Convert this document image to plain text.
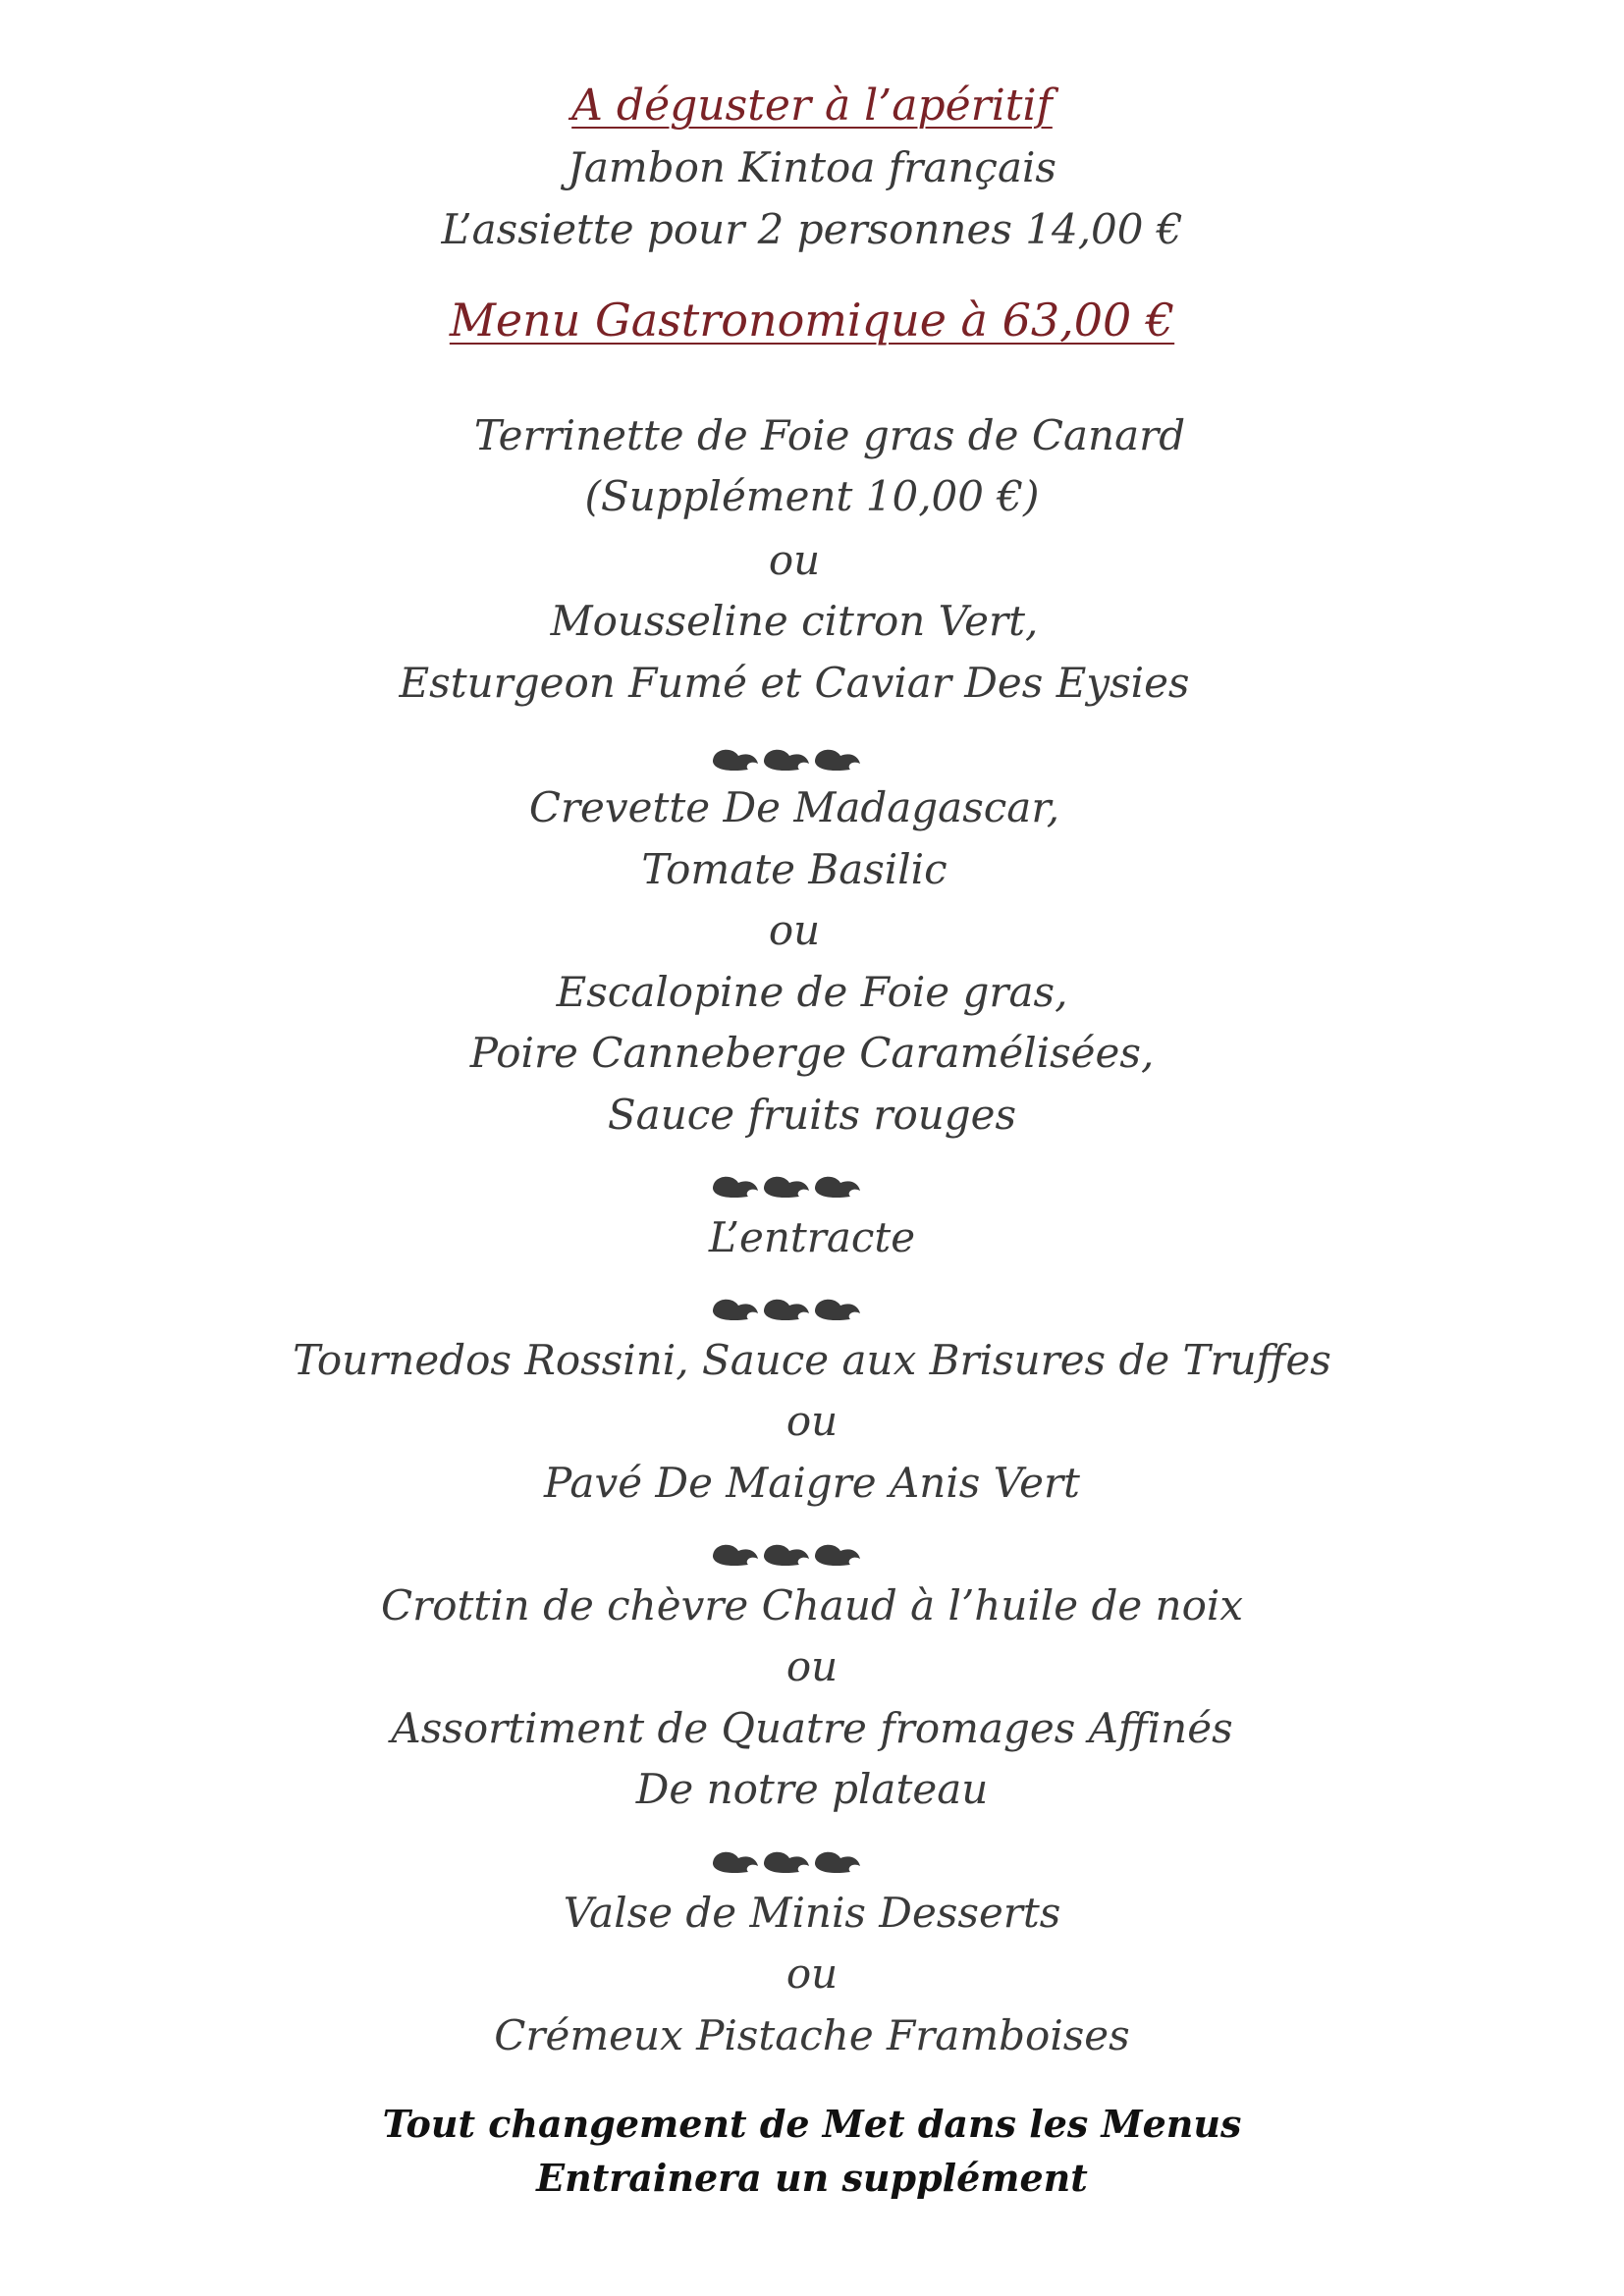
A déguster à l’apéritif
Jambon Kintoa français
L’assiette pour 2 personnes 14,00 €
Menu Gastronomique à 63,00 €
Terrinette de Foie gras de Canard
(Supplément 10,00 €)
ou
Mousseline citron Vert,
Esturgeon Fumé et Caviar Des Eysies
Crevette De Madagascar,
Tomate Basilic
ou
Escalopine de Foie gras,
Poire Canneberge Caramélisées,
Sauce fruits rouges
L’entracte
Tournedos Rossini, Sauce aux Brisures de Truffes
ou
Pavé De Maigre Anis Vert
Crottin de chèvre Chaud à l’huile de noix
ou
Assortiment de Quatre fromages Affinés
De notre plateau
Valse de Minis Desserts
ou
Crémeux Pistache Framboises
Tout changement de Met dans les Menus
Entrainera un supplément
